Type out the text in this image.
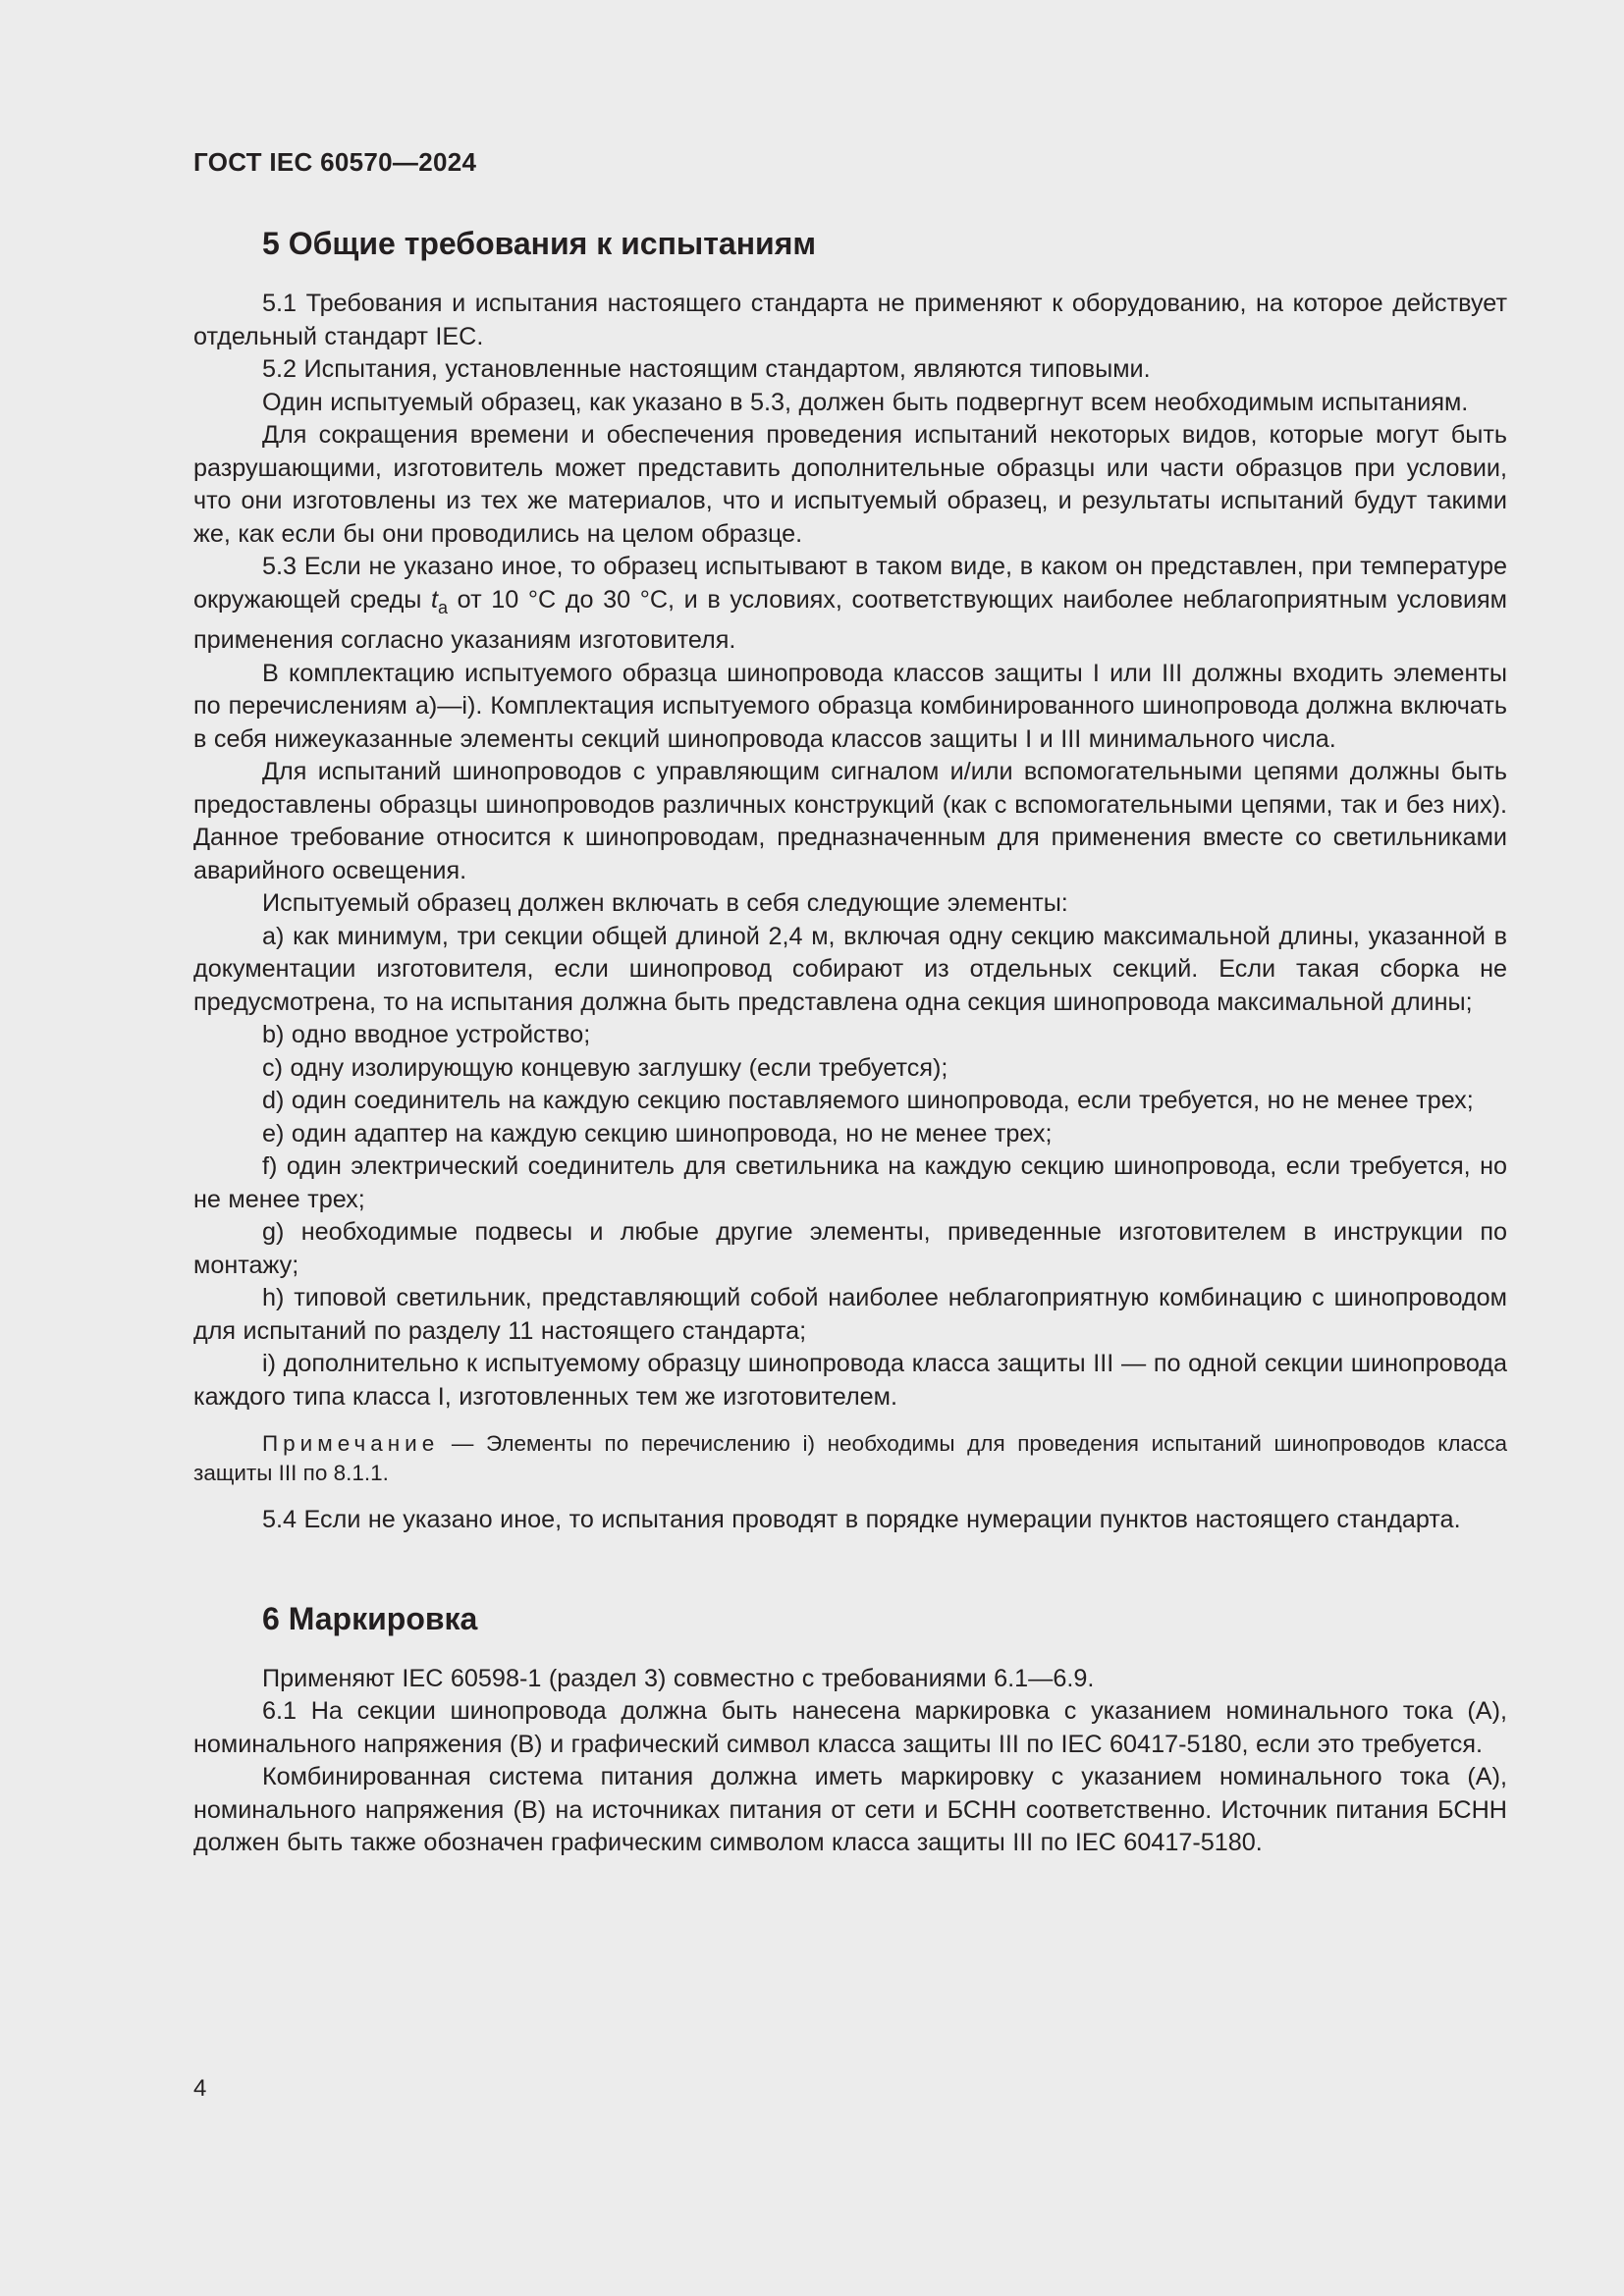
ГОСТ IEC 60570—2024
5 Общие требования к испытаниям

5.1 Требования и испытания настоящего стандарта не применяют к оборудованию, на которое действует отдельный стандарт IEC.

5.2 Испытания, установленные настоящим стандартом, являются типовыми.

Один испытуемый образец, как указано в 5.3, должен быть подвергнут всем необходимым испытаниям.

Для сокращения времени и обеспечения проведения испытаний некоторых видов, которые могут быть разрушающими, изготовитель может представить дополнительные образцы или части образцов при условии, что они изготовлены из тех же материалов, что и испытуемый образец, и результаты испытаний будут такими же, как если бы они проводились на целом образце.

5.3 Если не указано иное, то образец испытывают в таком виде, в каком он представлен, при температуре окружающей среды $t_a$ от 10 °C до 30 °C, и в условиях, соответствующих наиболее неблагоприятным условиям применения согласно указаниям изготовителя.

В комплектацию испытуемого образца шинопровода классов защиты I или III должны входить элементы по перечислениям a)—i). Комплектация испытуемого образца комбинированного шинопровода должна включать в себя нижеуказанные элементы секций шинопровода классов защиты I и III минимального числа.

Для испытаний шинопроводов с управляющим сигналом и/или вспомогательными цепями должны быть предоставлены образцы шинопроводов различных конструкций (как с вспомогательными цепями, так и без них). Данное требование относится к шинопроводам, предназначенным для применения вместе со светильниками аварийного освещения.

Испытуемый образец должен включать в себя следующие элементы:

a) как минимум, три секции общей длиной 2,4 м, включая одну секцию максимальной длины, указанной в документации изготовителя, если шинопровод собирают из отдельных секций. Если такая сборка не предусмотрена, то на испытания должна быть представлена одна секция шинопровода максимальной длины;

b) одно вводное устройство;

c) одну изолирующую концевую заглушку (если требуется);

d) один соединитель на каждую секцию поставляемого шинопровода, если требуется, но не менее трех;

e) один адаптер на каждую секцию шинопровода, но не менее трех;

f) один электрический соединитель для светильника на каждую секцию шинопровода, если требуется, но не менее трех;

g) необходимые подвесы и любые другие элементы, приведенные изготовителем в инструкции по монтажу;

h) типовой светильник, представляющий собой наиболее неблагоприятную комбинацию с шинопроводом для испытаний по разделу 11 настоящего стандарта;

i) дополнительно к испытуемому образцу шинопровода класса защиты III — по одной секции шинопровода каждого типа класса I, изготовленных тем же изготовителем.

Примечание — Элементы по перечислению i) необходимы для проведения испытаний шинопроводов класса защиты III по 8.1.1.

5.4 Если не указано иное, то испытания проводят в порядке нумерации пунктов настоящего стандарта.

6 Маркировка

Применяют IEC 60598-1 (раздел 3) совместно с требованиями 6.1—6.9.

6.1 На секции шинопровода должна быть нанесена маркировка с указанием номинального тока (A), номинального напряжения (B) и графический символ класса защиты III по IEC 60417-5180, если это требуется.

Комбинированная система питания должна иметь маркировку с указанием номинального тока (A), номинального напряжения (B) на источниках питания от сети и БСНН соответственно. Источник питания БСНН должен быть также обозначен графическим символом класса защиты III по IEC 60417-5180.

4
